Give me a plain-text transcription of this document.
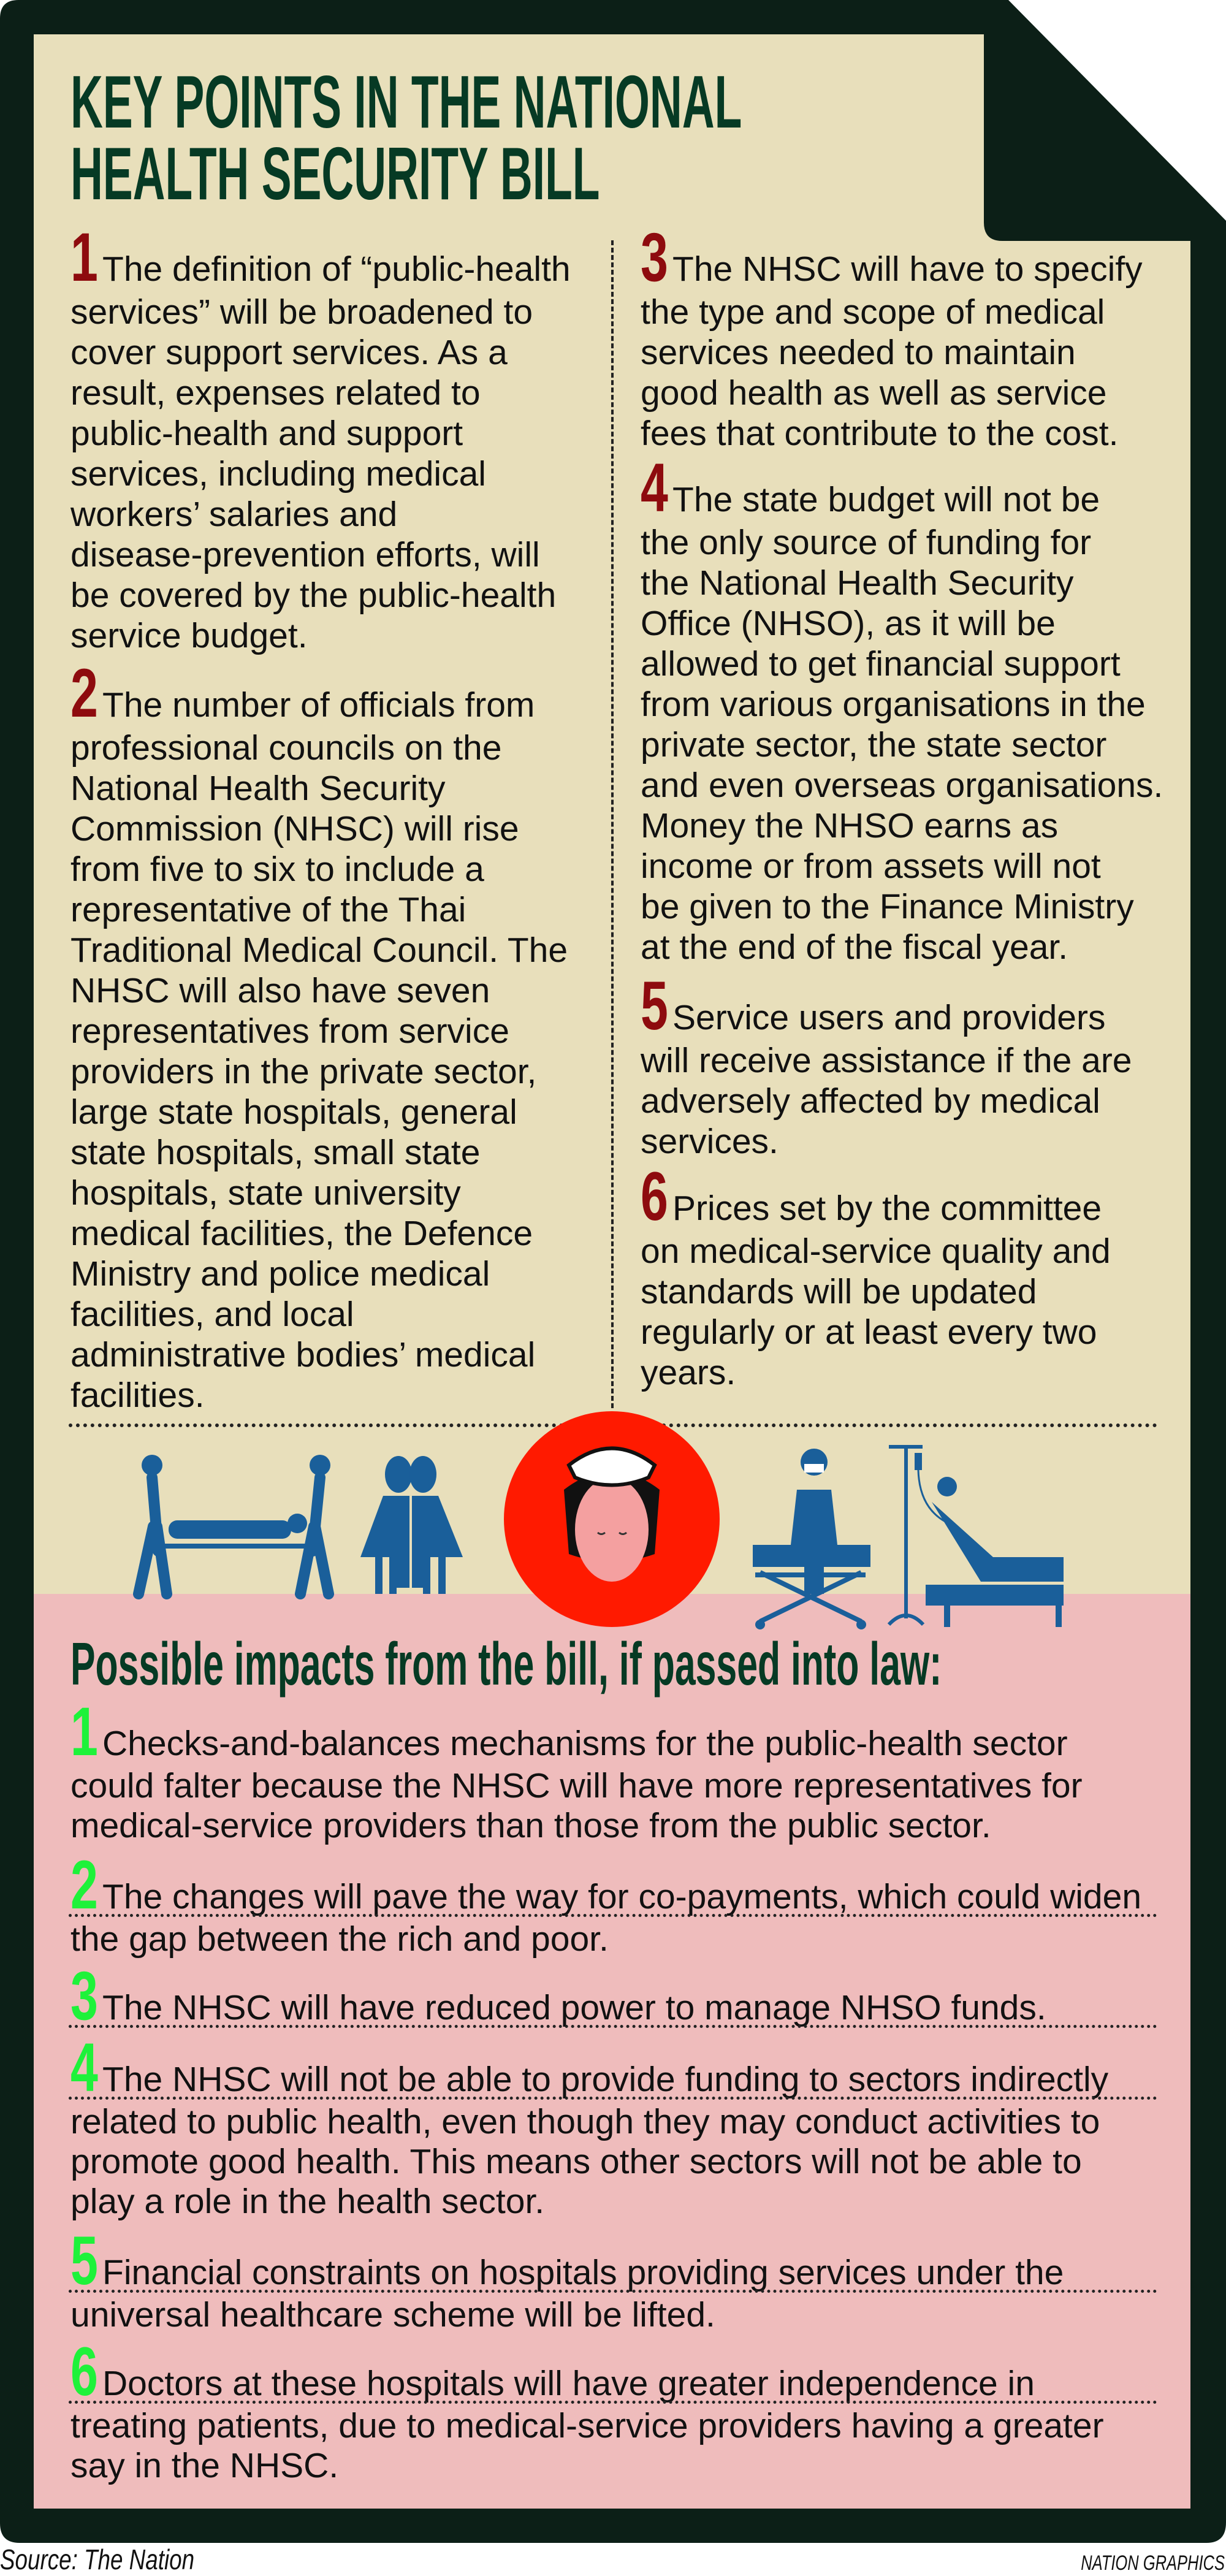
KEY POINTS IN THE NATIONAL
HEALTH SECURITY BILL
1 The definition of “public-health
services” will be broadened to
cover support services. As a
result, expenses related to
public-health and support
services, including medical
workers’ salaries and
disease-prevention efforts, will
be covered by the public-health
service budget.
2 The number of officials from
professional councils on the
National Health Security
Commission (NHSC) will rise
from five to six to include a
representative of the Thai
Traditional Medical Council. The
NHSC will also have seven
representatives from service
providers in the private sector,
large state hospitals, general
state hospitals, small state
hospitals, state university
medical facilities, the Defence
Ministry and police medical
facilities, and local
administrative bodies’ medical
facilities.
3 The NHSC will have to specify
the type and scope of medical
services needed to maintain
good health as well as service
fees that contribute to the cost.
4 The state budget will not be
the only source of funding for
the National Health Security
Office (NHSO), as it will be
allowed to get financial support
from various organisations in the
private sector, the state sector
and even overseas organisations.
Money the NHSO earns as
income or from assets will not
be given to the Finance Ministry
at the end of the fiscal year.
5 Service users and providers
will receive assistance if the are
adversely affected by medical
services.
6 Prices set by the committee
on medical-service quality and
standards will be updated
regularly or at least every two
years.
Possible impacts from the bill, if passed into law:
1 Checks-and-balances mechanisms for the public-health sector
could falter because the NHSC will have more representatives for
medical-service providers than those from the public sector.
2 The changes will pave the way for co-payments, which could widen
the gap between the rich and poor.
3 The NHSC will have reduced power to manage NHSO funds.
4 The NHSC will not be able to provide funding to sectors indirectly
related to public health, even though they may conduct activities to
promote good health. This means other sectors will not be able to
play a role in the health sector.
5 Financial constraints on hospitals providing services under the
universal healthcare scheme will be lifted.
6 Doctors at these hospitals will have greater independence in
treating patients, due to medical-service providers having a greater
say in the NHSC.
Source: The Nation	NATION GRAPHICS
